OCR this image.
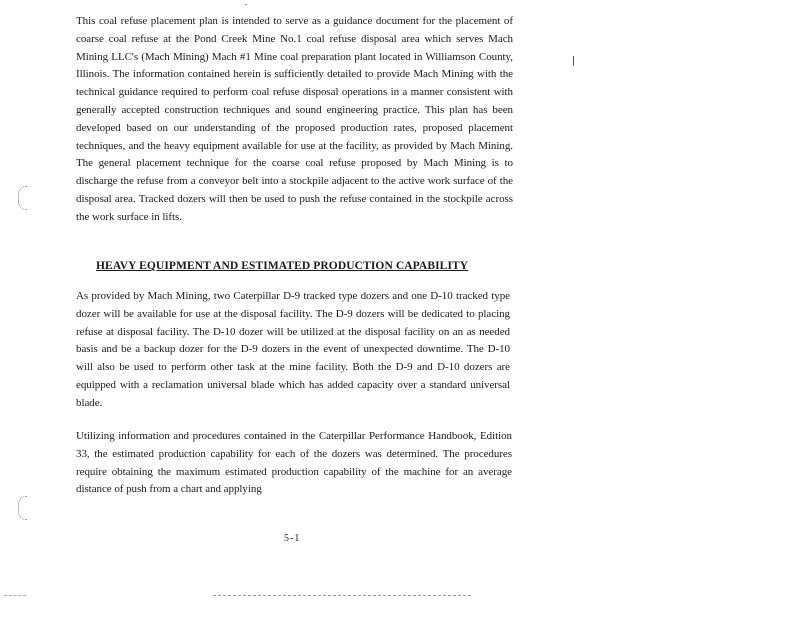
This coal refuse placement plan is intended to serve as a guidance document for the placement of coarse coal refuse at the Pond Creek Mine No.1 coal refuse disposal area which serves Mach Mining LLC's (Mach Mining) Mach #1 Mine coal preparation plant located in Williamson County, Illinois. The information contained herein is sufficiently detailed to provide Mach Mining with the technical guidance required to perform coal refuse disposal operations in a manner consistent with generally accepted construction techniques and sound engineering practice. This plan has been developed based on our understanding of the proposed production rates, proposed placement techniques, and the heavy equipment available for use at the facility, as provided by Mach Mining. The general placement technique for the coarse coal refuse proposed by Mach Mining is to discharge the refuse from a conveyor belt into a stockpile adjacent to the active work surface of the disposal area. Tracked dozers will then be used to push the refuse contained in the stockpile across the work surface in lifts.

HEAVY EQUIPMENT AND ESTIMATED PRODUCTION CAPABILITY

As provided by Mach Mining, two Caterpillar D-9 tracked type dozers and one D-10 tracked type dozer will be available for use at the disposal facility. The D-9 dozers will be dedicated to placing refuse at disposal facility. The D-10 dozer will be utilized at the disposal facility on an as needed basis and be a backup dozer for the D-9 dozers in the event of unexpected downtime. The D-10 will also be used to perform other task at the mine facility. Both the D-9 and D-10 dozers are equipped with a reclamation universal blade which has added capacity over a standard universal blade.

Utilizing information and procedures contained in the Caterpillar Performance Handbook, Edition 33, the estimated production capability for each of the dozers was determined. The procedures require obtaining the maximum estimated production capability of the machine for an average distance of push from a chart and applying

5-1
